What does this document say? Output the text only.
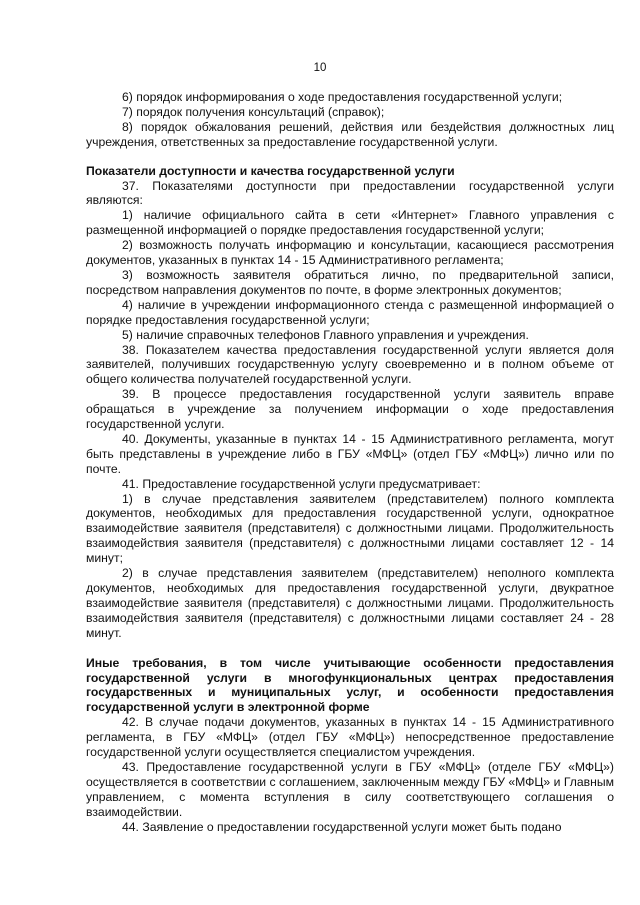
10

6) порядок информирования о ходе предоставления государственной услуги;

7) порядок получения консультаций (справок);

8) порядок обжалования решений, действия или бездействия должностных лиц учреждения, ответственных за предоставление государственной услуги.

Показатели доступности и качества государственной услуги

37. Показателями доступности при предоставлении государственной услуги являются:

1) наличие официального сайта в сети «Интернет» Главного управления с размещенной информацией о порядке предоставления государственной услуги;

2) возможность получать информацию и консультации, касающиеся рассмотрения документов, указанных в пунктах 14 - 15 Административного регламента;

3) возможность заявителя обратиться лично, по предварительной записи, посредством направления документов по почте, в форме электронных документов;

4) наличие в учреждении информационного стенда с размещенной информацией о порядке предоставления государственной услуги;

5) наличие справочных телефонов Главного управления и учреждения.

38. Показателем качества предоставления государственной услуги является доля заявителей, получивших государственную услугу своевременно и в полном объеме от общего количества получателей государственной услуги.

39. В процессе предоставления государственной услуги заявитель вправе обращаться в учреждение за получением информации о ходе предоставления государственной услуги.

40. Документы, указанные в пунктах 14 - 15 Административного регламента, могут быть представлены в учреждение либо в ГБУ «МФЦ» (отдел ГБУ «МФЦ») лично или по почте.

41. Предоставление государственной услуги предусматривает:

1) в случае представления заявителем (представителем) полного комплекта документов, необходимых для предоставления государственной услуги, однократное взаимодействие заявителя (представителя) с должностными лицами. Продолжительность взаимодействия заявителя (представителя) с должностными лицами составляет 12 - 14 минут;

2) в случае представления заявителем (представителем) неполного комплекта документов, необходимых для предоставления государственной услуги, двукратное взаимодействие заявителя (представителя) с должностными лицами. Продолжительность взаимодействия заявителя (представителя) с должностными лицами составляет 24 - 28 минут.

Иные требования, в том числе учитывающие особенности предоставления государственной услуги в многофункциональных центрах предоставления государственных и муниципальных услуг, и особенности предоставления государственной услуги в электронной форме

42. В случае подачи документов, указанных в пунктах 14 - 15 Административного регламента, в ГБУ «МФЦ» (отдел ГБУ «МФЦ») непосредственное предоставление государственной услуги осуществляется специалистом учреждения.

43. Предоставление государственной услуги в ГБУ «МФЦ» (отделе ГБУ «МФЦ») осуществляется в соответствии с соглашением, заключенным между ГБУ «МФЦ» и Главным управлением, с момента вступления в силу соответствующего соглашения о взаимодействии.

44. Заявление о предоставлении государственной услуги может быть подано
